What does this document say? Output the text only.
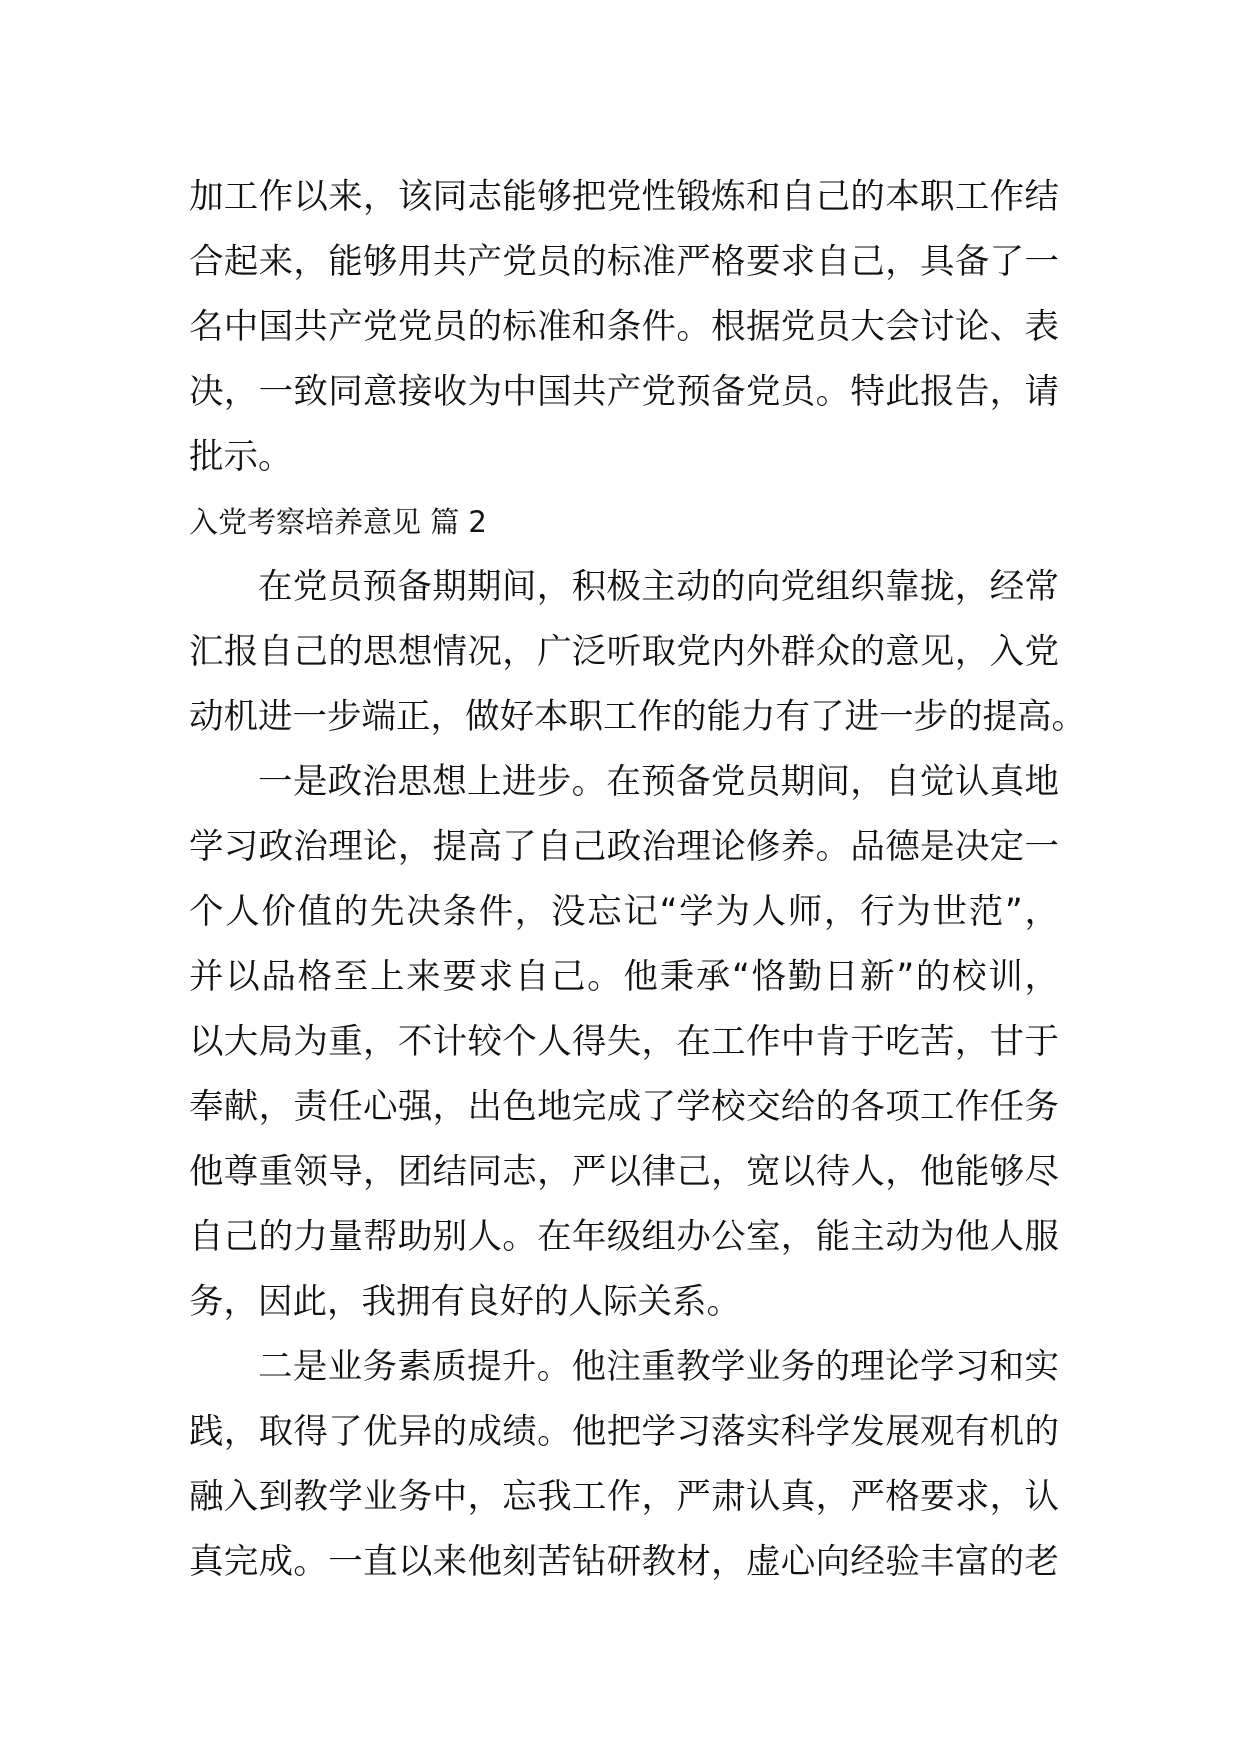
加工作以来，该同志能够把党性锻炼和自己的本职工作结
合起来，能够用共产党员的标准严格要求自己，具备了一
名中国共产党党员的标准和条件。根据党员大会讨论、表
决，一致同意接收为中国共产党预备党员。特此报告，请
批示。
入党考察培养意见 篇 2
在党员预备期期间，积极主动的向党组织靠拢，经常
汇报自己的思想情况，广泛听取党内外群众的意见，入党
动机进一步端正，做好本职工作的能力有了进一步的提高。
一是政治思想上进步。在预备党员期间，自觉认真地
学习政治理论，提高了自己政治理论修养。品德是决定一
个人价值的先决条件，没忘记“学为人师，行为世范”，
并以品格至上来要求自己。他秉承“恪勤日新”的校训，
以大局为重，不计较个人得失，在工作中肯于吃苦，甘于
奉献，责任心强，出色地完成了学校交给的各项工作任务
他尊重领导，团结同志，严以律己，宽以待人，他能够尽
自己的力量帮助别人。在年级组办公室，能主动为他人服
务，因此，我拥有良好的人际关系。
二是业务素质提升。他注重教学业务的理论学习和实
践，取得了优异的成绩。他把学习落实科学发展观有机的
融入到教学业务中，忘我工作，严肃认真，严格要求，认
真完成。一直以来他刻苦钻研教材，虚心向经验丰富的老
